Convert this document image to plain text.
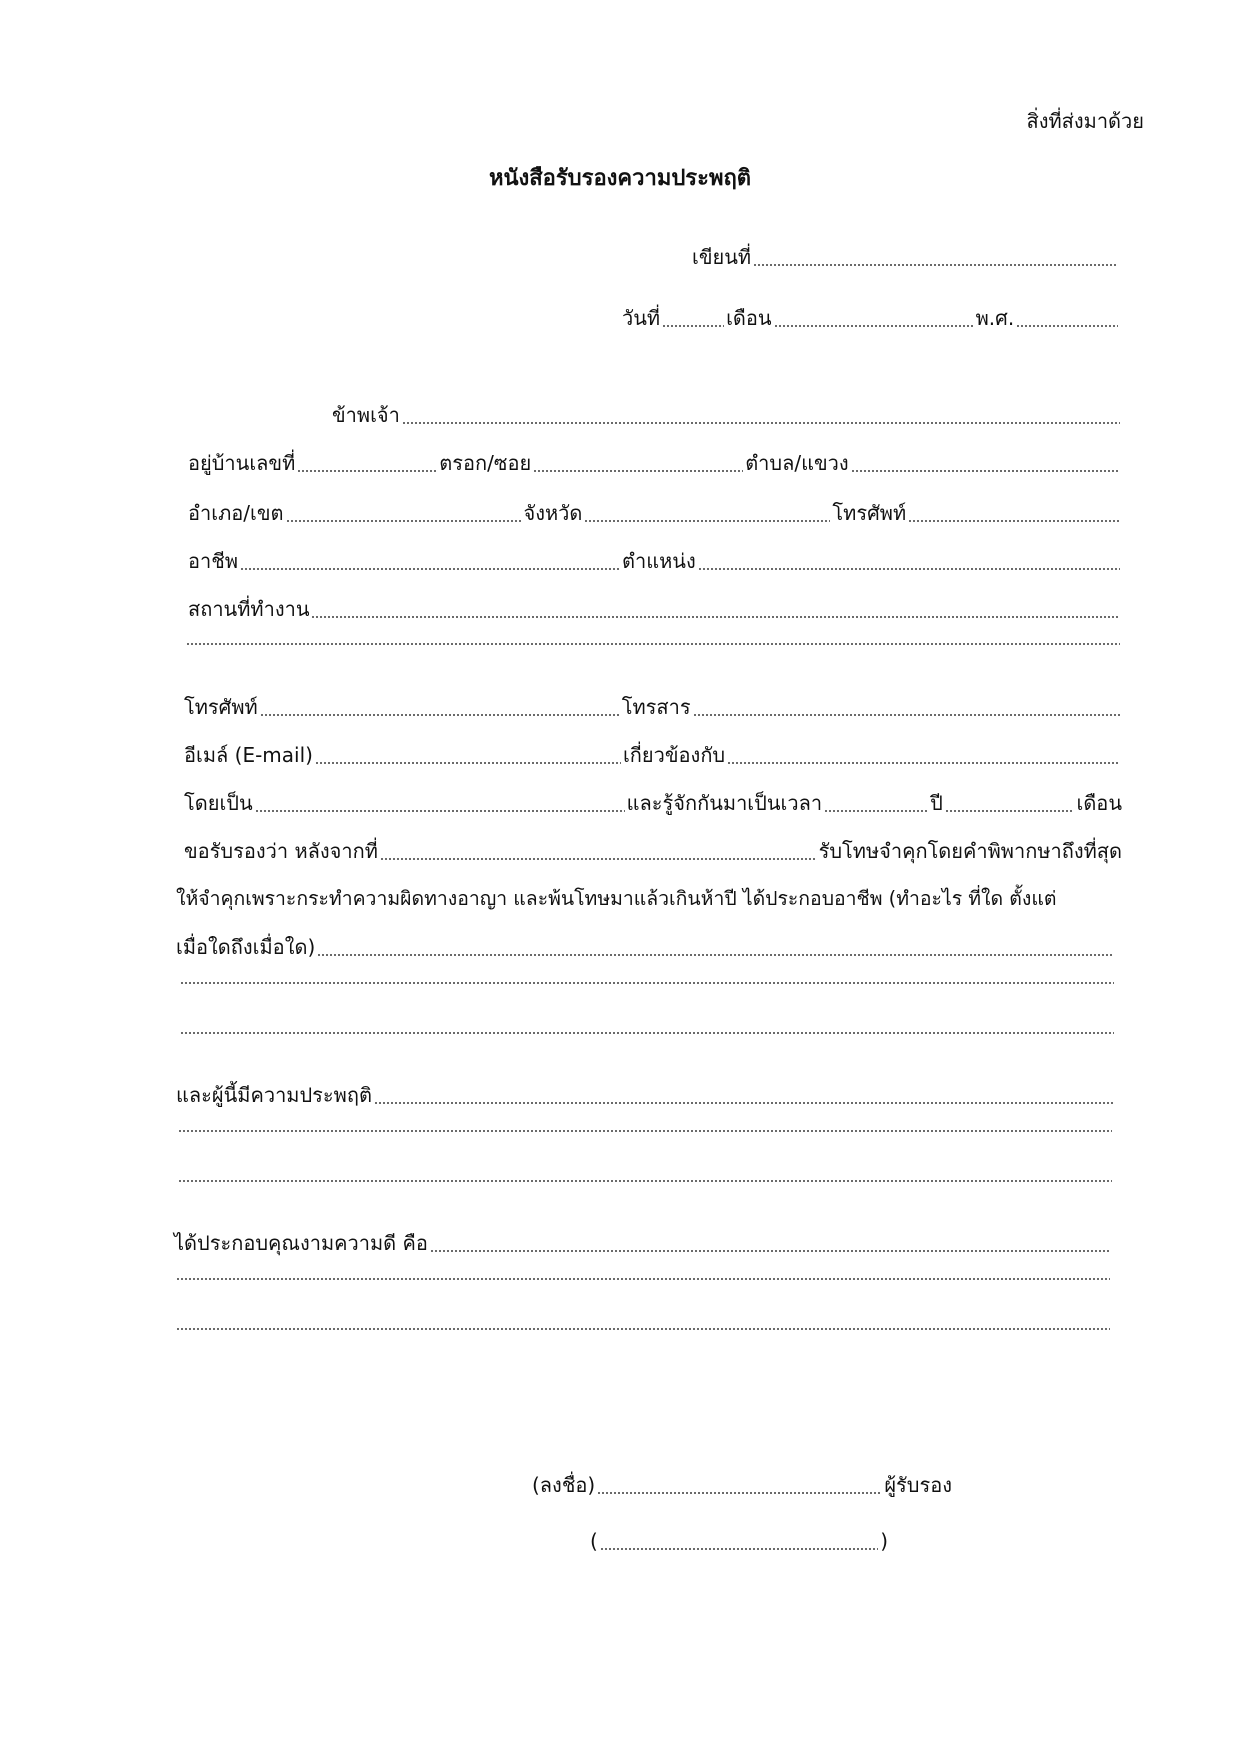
สิ่งที่ส่งมาด้วย
หนังสือรับรองความประพฤติ
เขียนที่
วันที่	เดือน	พ.ศ.
ข้าพเจ้า
อยู่บ้านเลขที่	ตรอก/ซอย	ตำบล/แขวง
อำเภอ/เขต	จังหวัด	โทรศัพท์
อาชีพ	ตำแหน่ง
สถานที่ทำงาน
โทรศัพท์	โทรสาร
อีเมล์ (E-mail)	เกี่ยวข้องกับ
โดยเป็น	และรู้จักกันมาเป็นเวลา	ปี	เดือน
ขอรับรองว่า หลังจากที่	รับโทษจำคุกโดยคำพิพากษาถึงที่สุด
ให้จำคุกเพราะกระทำความผิดทางอาญา และพ้นโทษมาแล้วเกินห้าปี ได้ประกอบอาชีพ (ทำอะไร ที่ใด ตั้งแต่
เมื่อใดถึงเมื่อใด)
และผู้นี้มีความประพฤติ
ได้ประกอบคุณงามความดี คือ
(ลงชื่อ)	ผู้รับรอง
(	)
